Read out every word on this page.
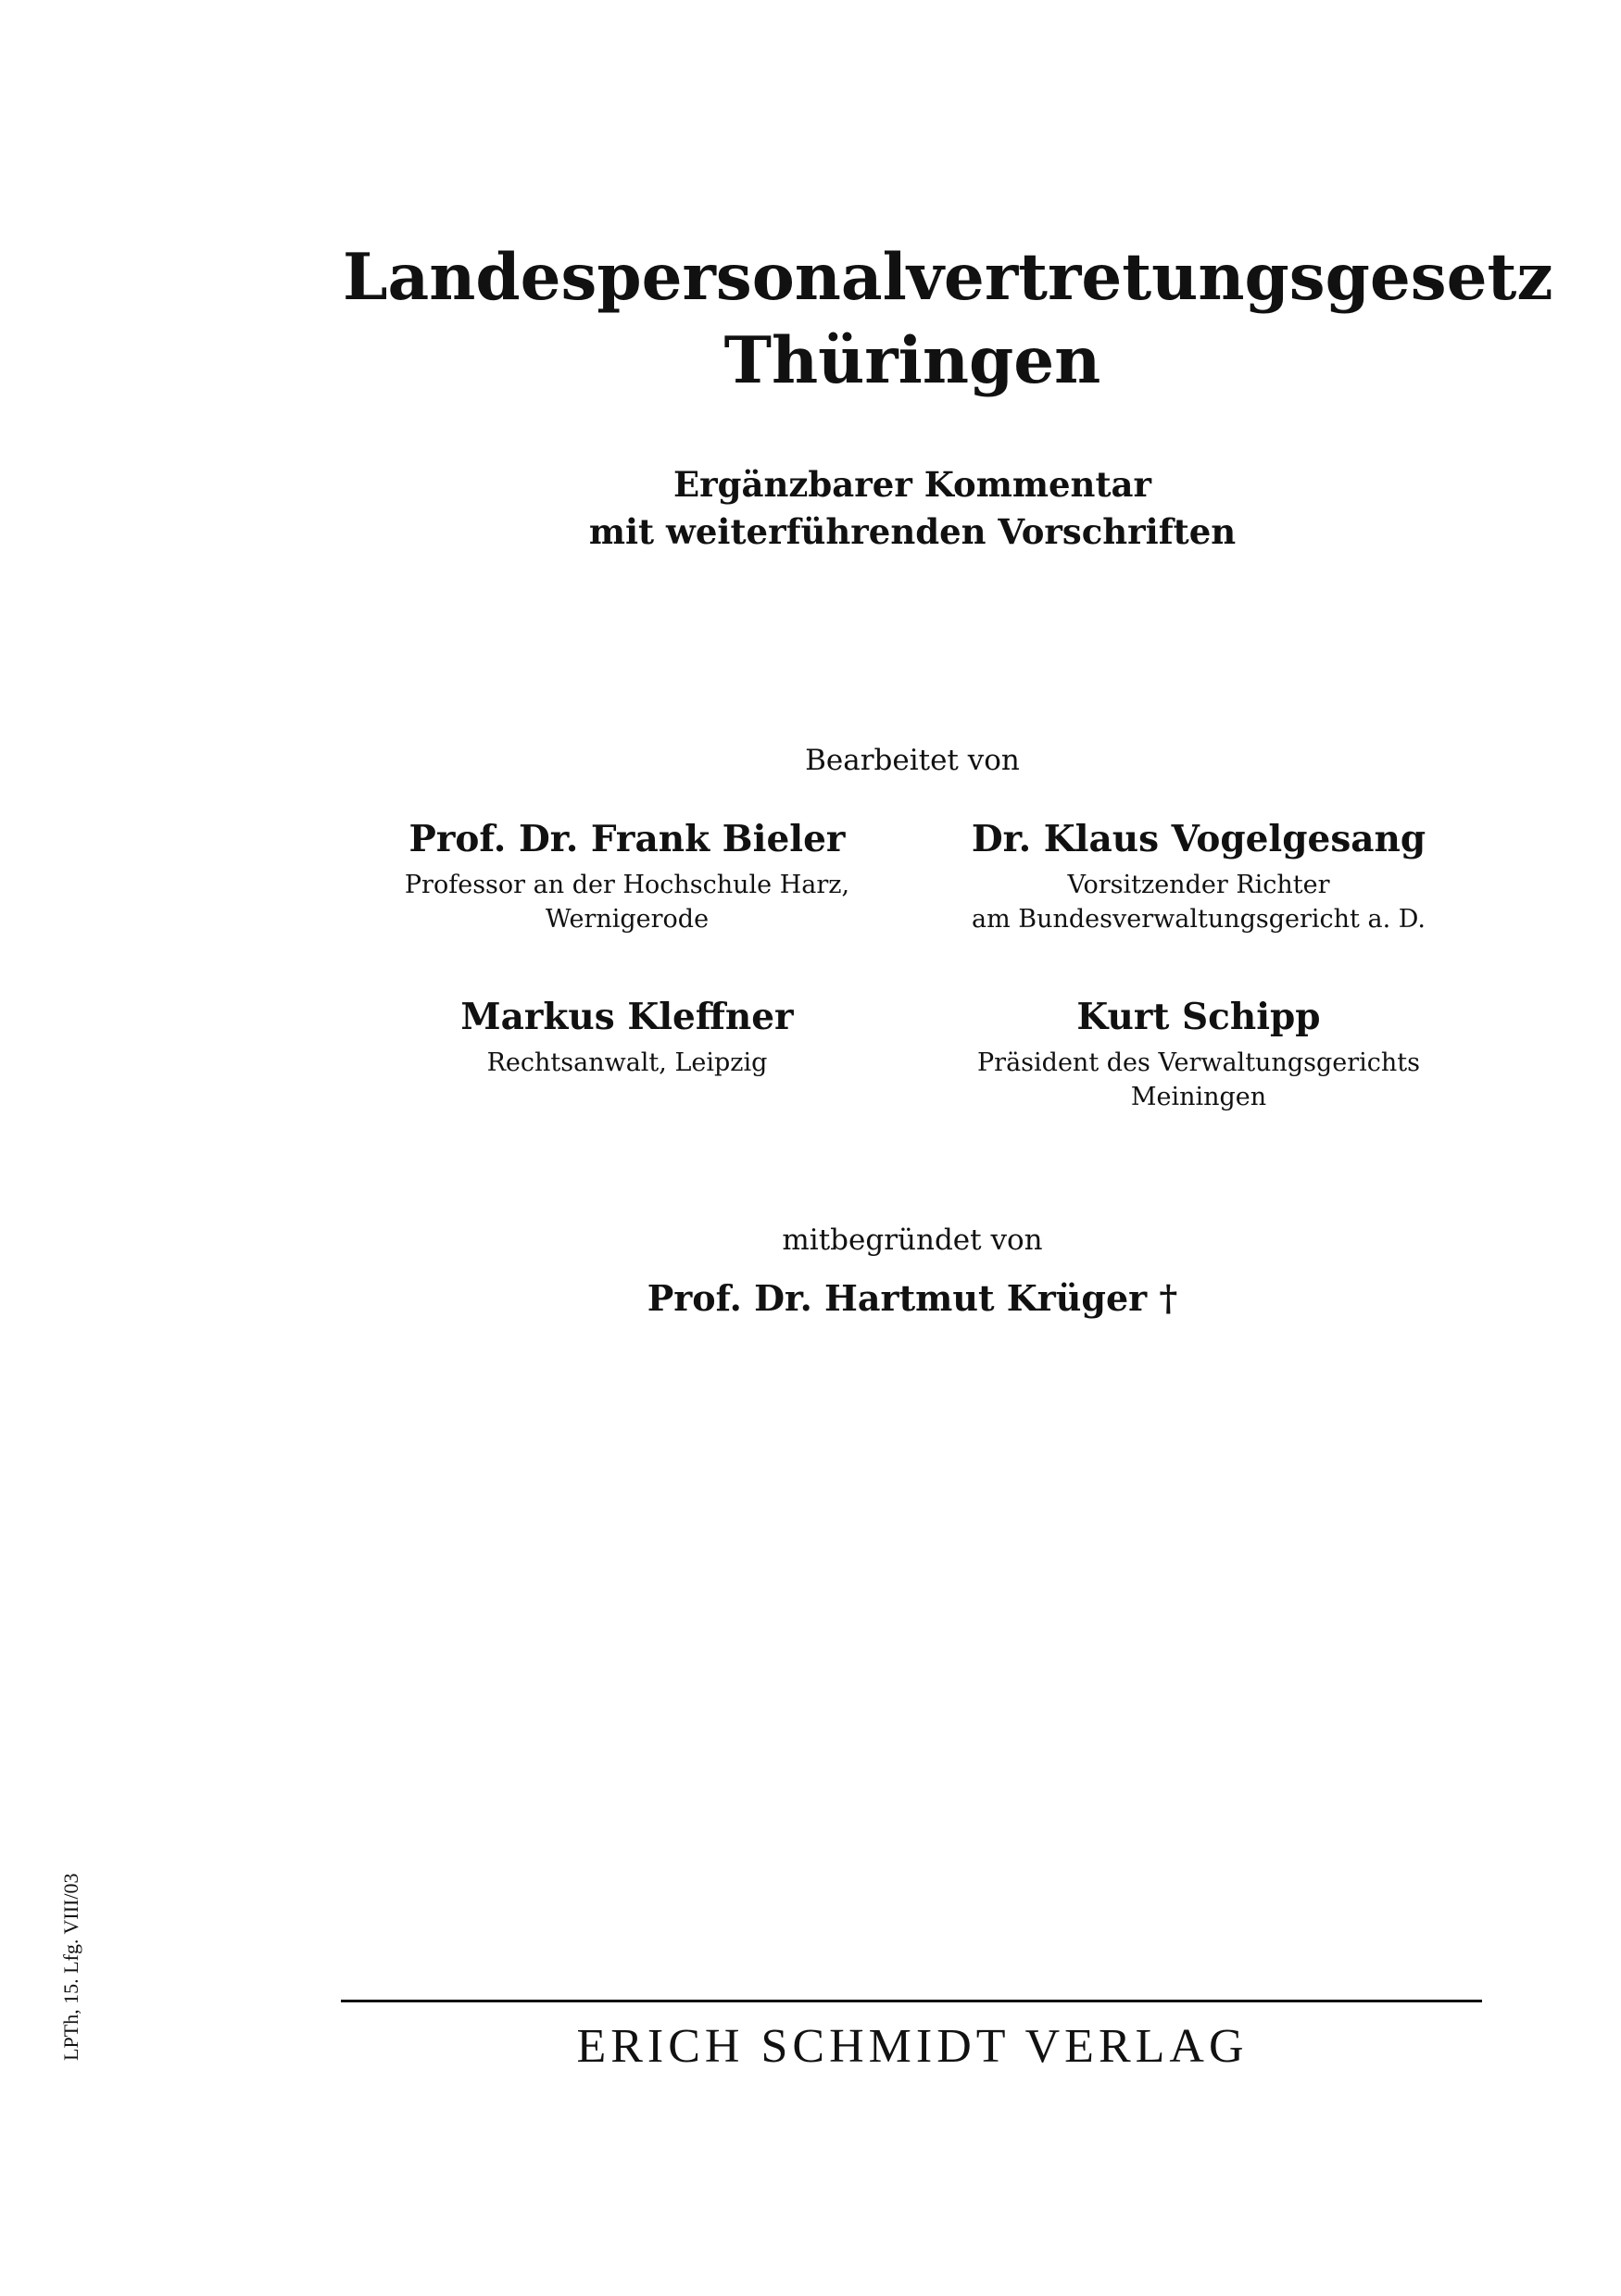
Landespersonalvertretungsgesetz
Thüringen
Ergänzbarer Kommentar
mit weiterführenden Vorschriften
Bearbeitet von
Prof. Dr. Frank Bieler
Professor an der Hochschule Harz,
Wernigerode
Dr. Klaus Vogelgesang
Vorsitzender Richter
am Bundesverwaltungsgericht a. D.
Markus Kleffner
Rechtsanwalt, Leipzig
Kurt Schipp
Präsident des Verwaltungsgerichts
Meiningen
mitbegründet von
Prof. Dr. Hartmut Krüger †
LPTh, 15. Lfg. VIII/03	ERICH SCHMIDT VERLAG
